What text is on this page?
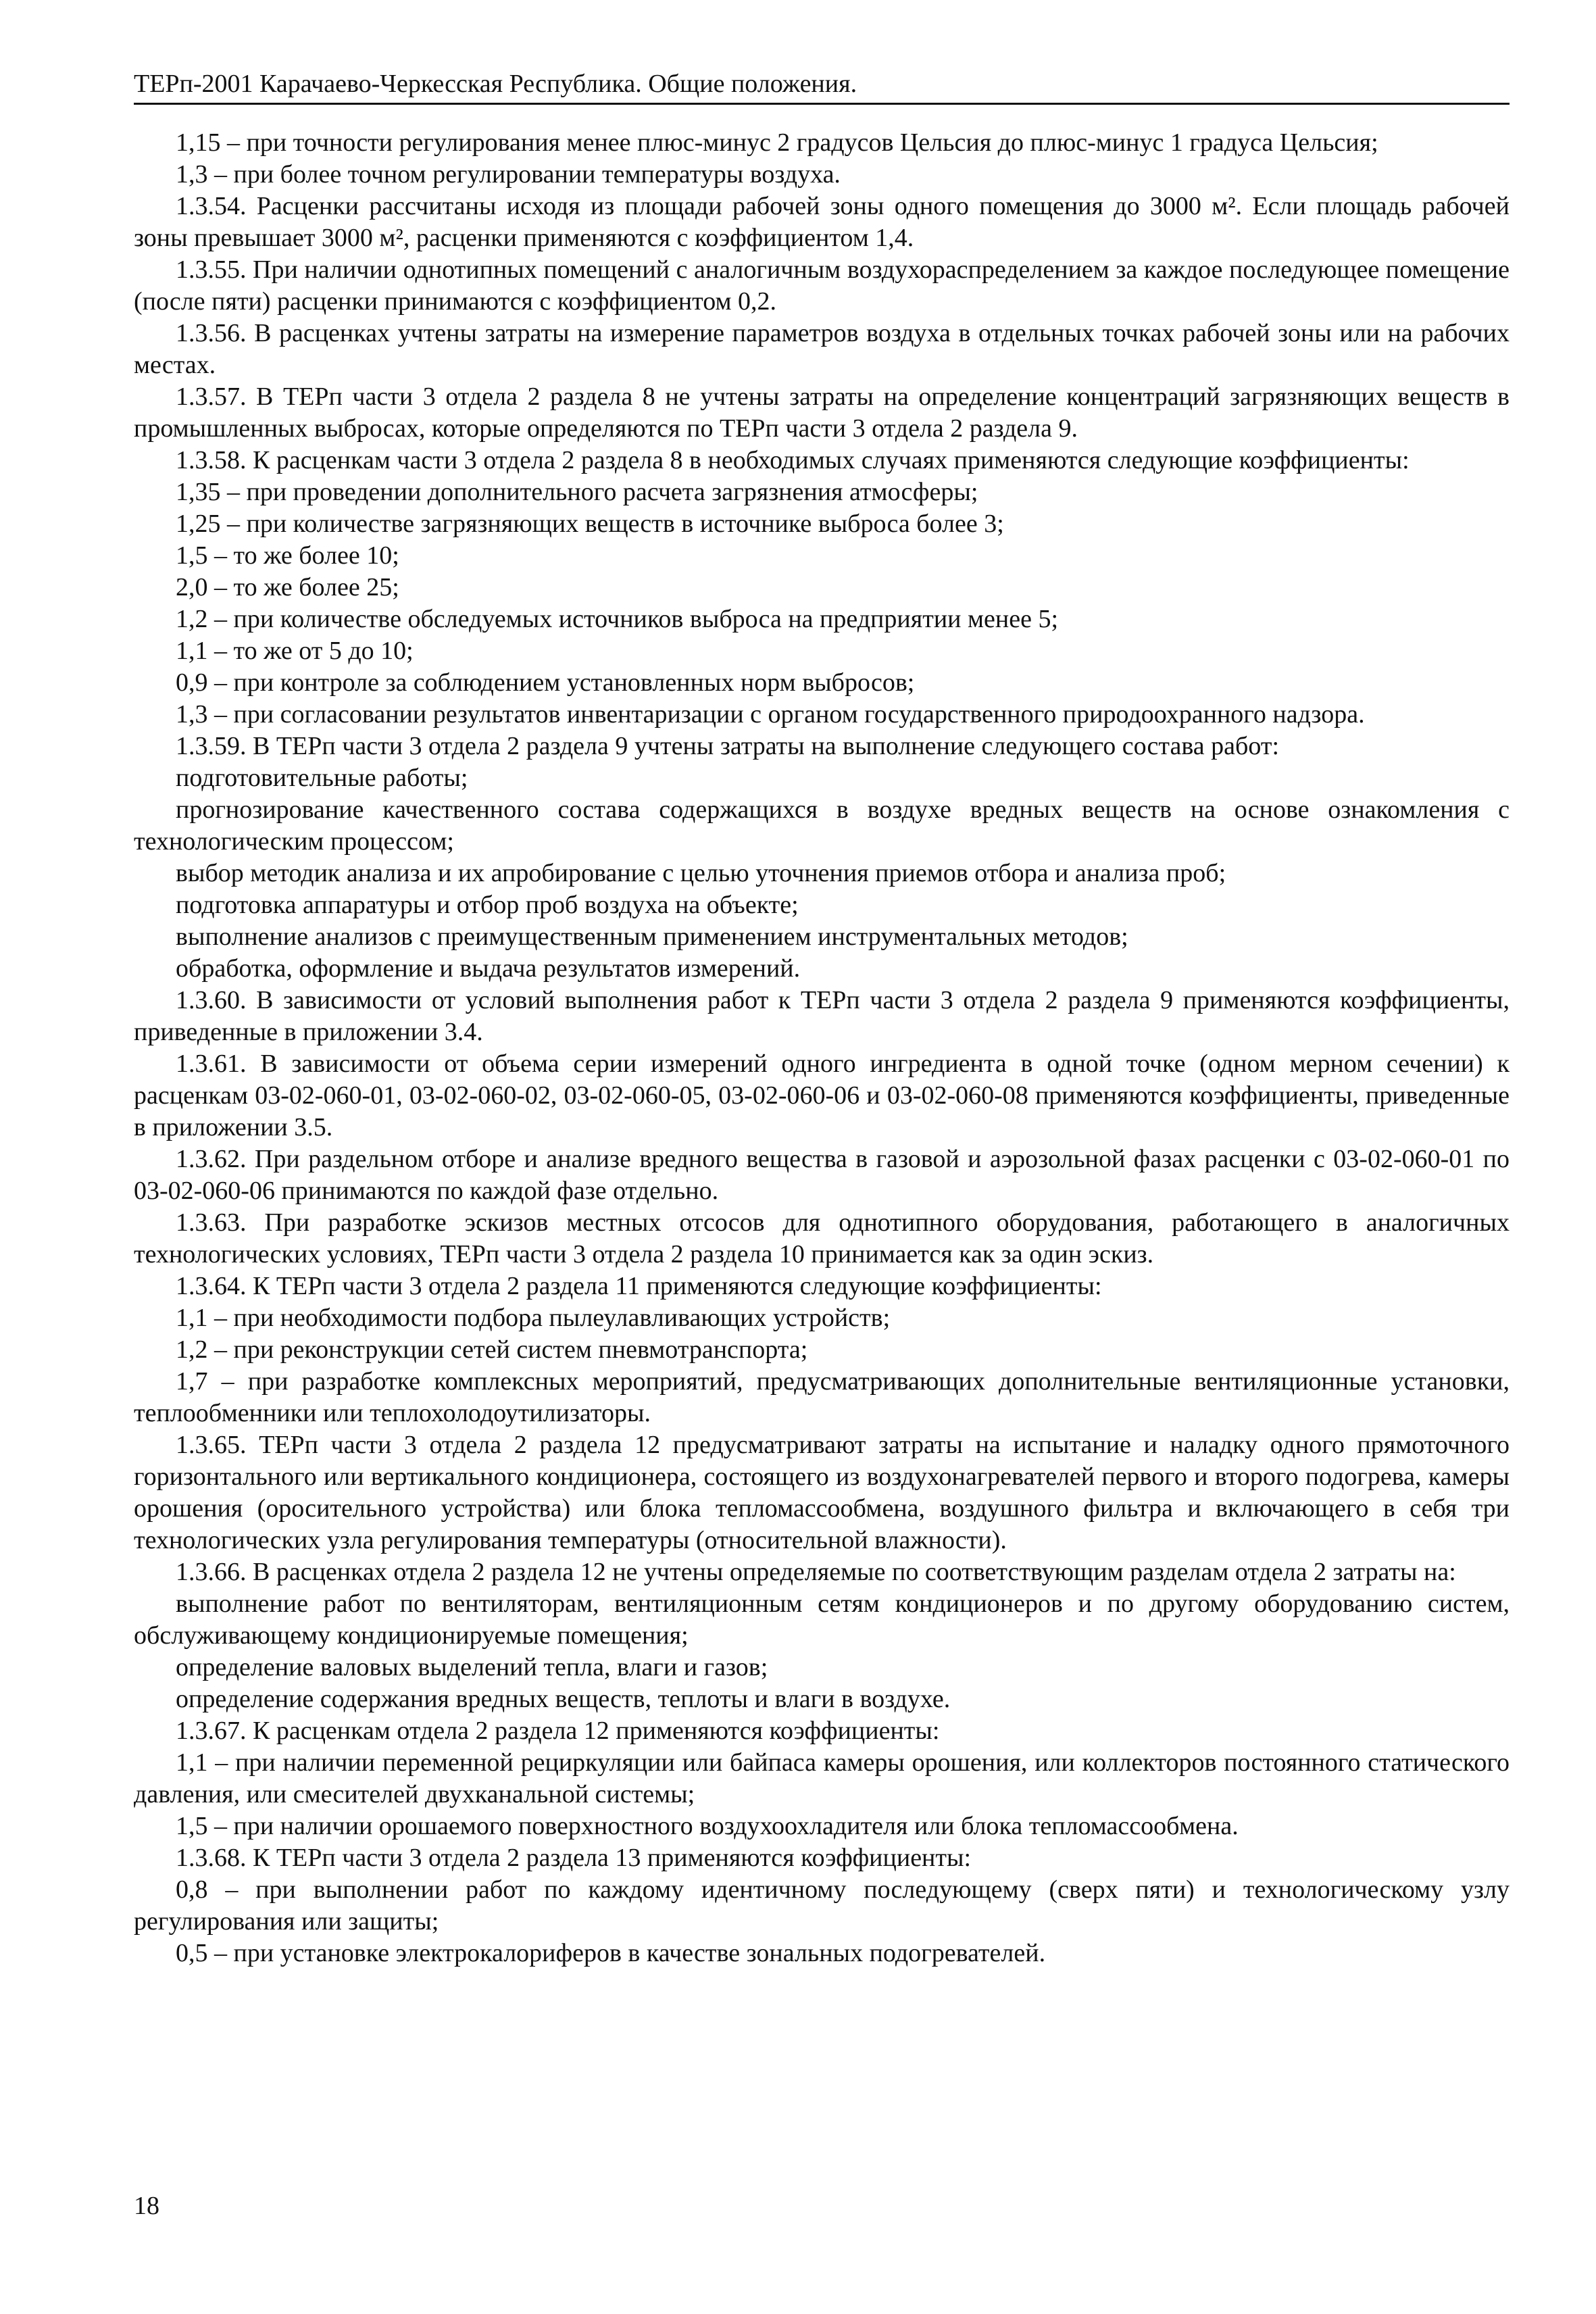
ТЕРп-2001 Карачаево-Черкесская Республика. Общие положения.

1,15 – при точности регулирования менее плюс-минус 2 градусов Цельсия до плюс-минус 1 градуса Цельсия;

1,3 – при более точном регулировании температуры воздуха.

1.3.54. Расценки рассчитаны исходя из площади рабочей зоны одного помещения до 3000 м². Если площадь рабочей зоны превышает 3000 м², расценки применяются с коэффициентом 1,4.

1.3.55. При наличии однотипных помещений с аналогичным воздухораспределением за каждое последующее помещение (после пяти) расценки принимаются с коэффициентом 0,2.

1.3.56. В расценках учтены затраты на измерение параметров воздуха в отдельных точках рабочей зоны или на рабочих местах.

1.3.57. В ТЕРп части 3 отдела 2 раздела 8 не учтены затраты на определение концентраций загрязняющих веществ в промышленных выбросах, которые определяются по ТЕРп части 3 отдела 2 раздела 9.

1.3.58. К расценкам части 3 отдела 2 раздела 8 в необходимых случаях применяются следующие коэффициенты:

1,35 – при проведении дополнительного расчета загрязнения атмосферы;

1,25 – при количестве загрязняющих веществ в источнике выброса более 3;

1,5 – то же более 10;

2,0 – то же более 25;

1,2 – при количестве обследуемых источников выброса на предприятии менее 5;

1,1 – то же от 5 до 10;

0,9 – при контроле за соблюдением установленных норм выбросов;

1,3 – при согласовании результатов инвентаризации с органом государственного природоохранного надзора.

1.3.59. В ТЕРп части 3 отдела 2 раздела 9 учтены затраты на выполнение следующего состава работ:

подготовительные работы;

прогнозирование качественного состава содержащихся в воздухе вредных веществ на основе ознакомления с технологическим процессом;

выбор методик анализа и их апробирование с целью уточнения приемов отбора и анализа проб;

подготовка аппаратуры и отбор проб воздуха на объекте;

выполнение анализов с преимущественным применением инструментальных методов;

обработка, оформление и выдача результатов измерений.

1.3.60. В зависимости от условий выполнения работ к ТЕРп части 3 отдела 2 раздела 9 применяются коэффициенты, приведенные в приложении 3.4.

1.3.61. В зависимости от объема серии измерений одного ингредиента в одной точке (одном мерном сечении) к расценкам 03-02-060-01, 03-02-060-02, 03-02-060-05, 03-02-060-06 и 03-02-060-08 применяются коэффициенты, приведенные в приложении 3.5.

1.3.62. При раздельном отборе и анализе вредного вещества в газовой и аэрозольной фазах расценки с 03-02-060-01 по 03-02-060-06 принимаются по каждой фазе отдельно.

1.3.63. При разработке эскизов местных отсосов для однотипного оборудования, работающего в аналогичных технологических условиях, ТЕРп части 3 отдела 2 раздела 10 принимается как за один эскиз.

1.3.64. К ТЕРп части 3 отдела 2 раздела 11 применяются следующие коэффициенты:

1,1 – при необходимости подбора пылеулавливающих устройств;

1,2 – при реконструкции сетей систем пневмотранспорта;

1,7 – при разработке комплексных мероприятий, предусматривающих дополнительные вентиляционные установки, теплообменники или теплохолодоутилизаторы.

1.3.65. ТЕРп части 3 отдела 2 раздела 12 предусматривают затраты на испытание и наладку одного прямоточного горизонтального или вертикального кондиционера, состоящего из воздухонагревателей первого и второго подогрева, камеры орошения (оросительного устройства) или блока тепломассообмена, воздушного фильтра и включающего в себя три технологических узла регулирования температуры (относительной влажности).

1.3.66. В расценках отдела 2 раздела 12 не учтены определяемые по соответствующим разделам отдела 2 затраты на:

выполнение работ по вентиляторам, вентиляционным сетям кондиционеров и по другому оборудованию систем, обслуживающему кондиционируемые помещения;

определение валовых выделений тепла, влаги и газов;

определение содержания вредных веществ, теплоты и влаги в воздухе.

1.3.67. К расценкам отдела 2 раздела 12 применяются коэффициенты:

1,1 – при наличии переменной рециркуляции или байпаса камеры орошения, или коллекторов постоянного статического давления, или смесителей двухканальной системы;

1,5 – при наличии орошаемого поверхностного воздухоохладителя или блока тепломассообмена.

1.3.68. К ТЕРп части 3 отдела 2 раздела 13 применяются коэффициенты:

0,8 – при выполнении работ по каждому идентичному последующему (сверх пяти) и технологическому узлу регулирования или защиты;

0,5 – при установке электрокалориферов в качестве зональных подогревателей.

18
